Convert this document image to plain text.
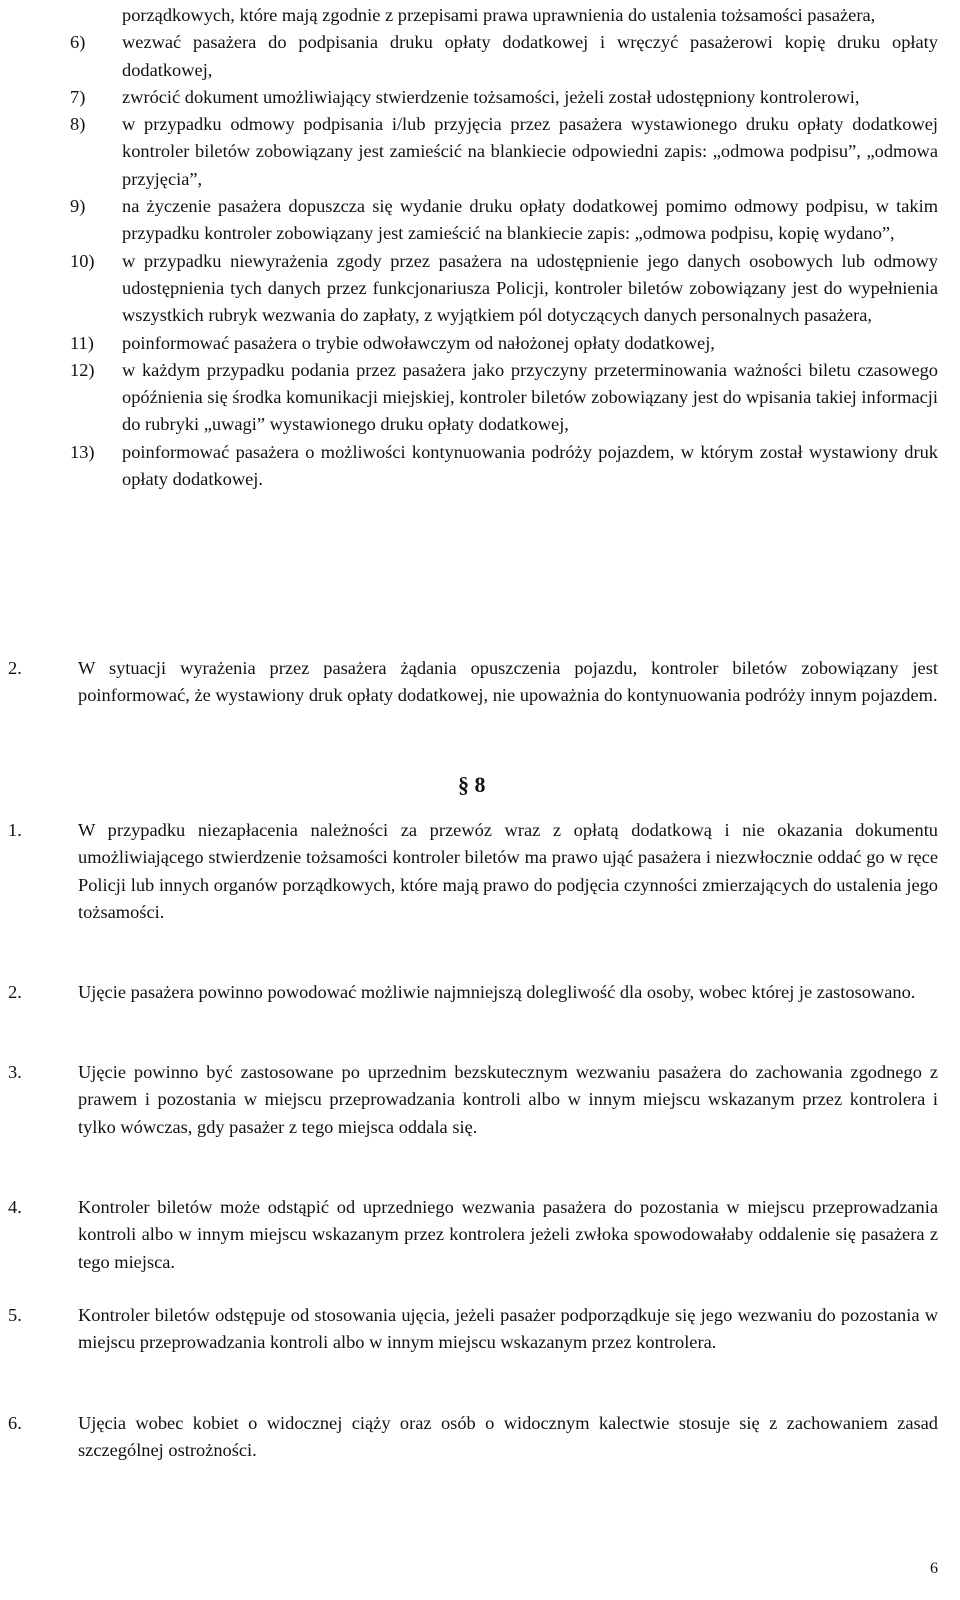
porządkowych, które mają zgodnie z przepisami prawa uprawnienia do ustalenia tożsamości pasażera,
6) wezwać pasażera do podpisania druku opłaty dodatkowej i wręczyć pasażerowi kopię druku opłaty dodatkowej,
7) zwrócić dokument umożliwiający stwierdzenie tożsamości, jeżeli został udostępniony kontrolerowi,
8) w przypadku odmowy podpisania i/lub przyjęcia przez pasażera wystawionego druku opłaty dodatkowej kontroler biletów zobowiązany jest zamieścić na blankiecie odpowiedni zapis: „odmowa podpisu”, „odmowa przyjęcia”,
9) na życzenie pasażera dopuszcza się wydanie druku opłaty dodatkowej pomimo odmowy podpisu, w takim przypadku kontroler zobowiązany jest zamieścić na blankiecie zapis: „odmowa podpisu, kopię wydano”,
10) w przypadku niewyrażenia zgody przez pasażera na udostępnienie jego danych osobowych lub odmowy udostępnienia tych danych przez funkcjonariusza Policji, kontroler biletów zobowiązany jest do wypełnienia wszystkich rubryk wezwania do zapłaty, z wyjątkiem pól dotyczących danych personalnych pasażera,
11) poinformować pasażera o trybie odwoławczym od nałożonej opłaty dodatkowej,
12) w każdym przypadku podania przez pasażera jako przyczyny przeterminowania ważności biletu czasowego opóźnienia się środka komunikacji miejskiej, kontroler biletów zobowiązany jest do wpisania takiej informacji do rubryki „uwagi” wystawionego druku opłaty dodatkowej,
13) poinformować pasażera o możliwości kontynuowania podróży pojazdem, w którym został wystawiony druk opłaty dodatkowej.
2.	W sytuacji wyrażenia przez pasażera żądania opuszczenia pojazdu, kontroler biletów zobowiązany jest poinformować, że wystawiony druk opłaty dodatkowej, nie upoważnia do kontynuowania podróży innym pojazdem.
§ 8
1.	W przypadku niezapłacenia należności za przewóz wraz z opłatą dodatkową i nie okazania dokumentu umożliwiającego stwierdzenie tożsamości kontroler biletów ma prawo ująć pasażera i niezwłocznie oddać go w ręce Policji lub innych organów porządkowych, które mają prawo do podjęcia czynności zmierzających do ustalenia jego tożsamości.
2.	Ujęcie pasażera powinno powodować możliwie najmniejszą dolegliwość dla osoby, wobec której je zastosowano.
3.	Ujęcie powinno być zastosowane po uprzednim bezskutecznym wezwaniu pasażera do zachowania zgodnego z prawem i pozostania w miejscu przeprowadzania kontroli albo w innym miejscu wskazanym przez kontrolera i tylko wówczas, gdy pasażer z tego miejsca oddala się.
4.	Kontroler biletów może odstąpić od uprzedniego wezwania pasażera do pozostania w miejscu przeprowadzania kontroli albo w innym miejscu wskazanym przez kontrolera jeżeli zwłoka spowodowałaby oddalenie się pasażera z tego miejsca.
5.	Kontroler biletów odstępuje od stosowania ujęcia, jeżeli pasażer podporządkuje się jego wezwaniu do pozostania w miejscu przeprowadzania kontroli albo w innym miejscu wskazanym przez kontrolera.
6.	Ujęcia wobec kobiet o widocznej ciąży oraz osób o widocznym kalectwie stosuje się z zachowaniem zasad szczególnej ostrożności.
6
